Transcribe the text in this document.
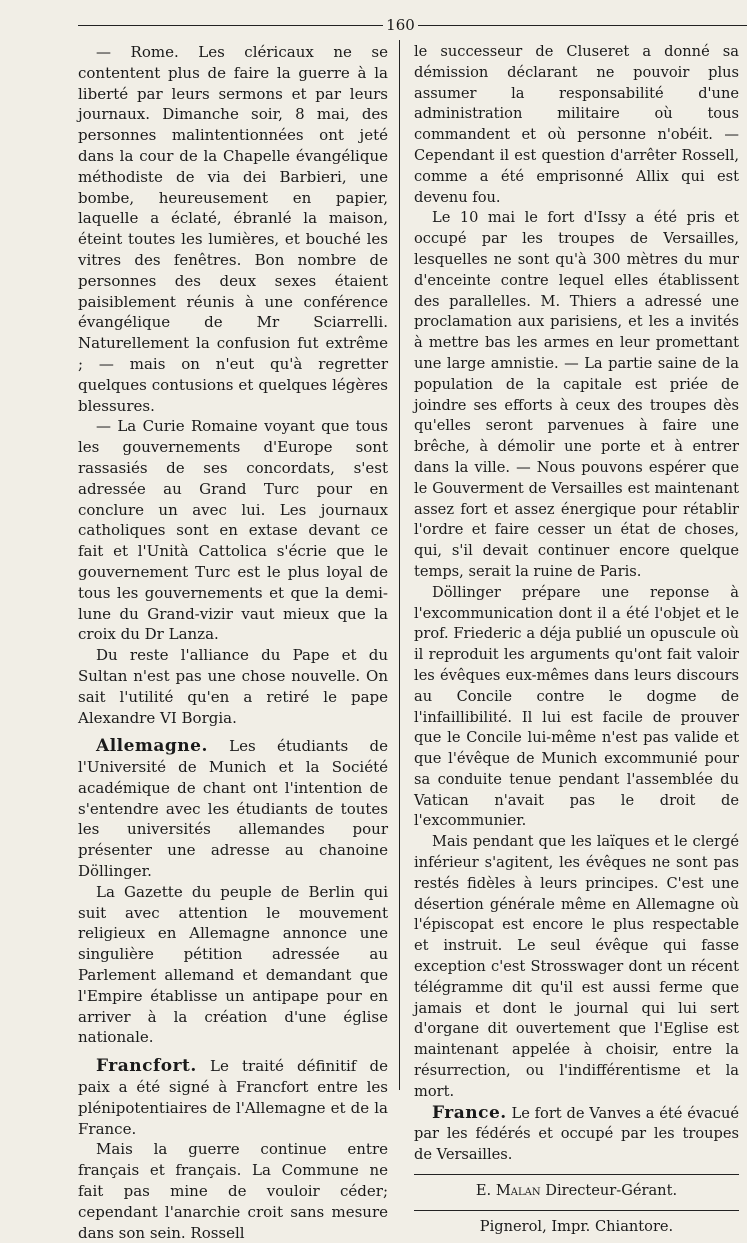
160

— Rome. Les cléricaux ne se contentent plus de faire la guerre à la liberté par leurs sermons et par leurs journaux. Dimanche soir, 8 mai, des personnes malintentionnées ont jeté dans la cour de la Chapelle évangélique méthodiste de via dei Barbieri, une bombe, heureusement en papier, laquelle a éclaté, ébranlé la maison, éteint toutes les lumières, et bouché les vitres des fenêtres. Bon nombre de personnes des deux sexes étaient paisiblement réunis à une conférence évangélique de Mr Sciarrelli. Naturellement la confusion fut extrême ; — mais on n'eut qu'à regretter quelques contusions et quelques légères blessures.

— La Curie Romaine voyant que tous les gouvernements d'Europe sont rassasiés de ses concordats, s'est adressée au Grand Turc pour en conclure un avec lui. Les journaux catholiques sont en extase devant ce fait et l'Unità Cattolica s'écrie que le gouvernement Turc est le plus loyal de tous les gouvernements et que la demi-lune du Grand-vizir vaut mieux que la croix du Dr Lanza.

Du reste l'alliance du Pape et du Sultan n'est pas une chose nouvelle. On sait l'utilité qu'en a retiré le pape Alexandre VI Borgia.

Allemagne. Les étudiants de l'Université de Munich et la Société académique de chant ont l'intention de s'entendre avec les étudiants de toutes les universités allemandes pour présenter une adresse au chanoine Döllinger.

La Gazette du peuple de Berlin qui suit avec attention le mouvement religieux en Allemagne annonce une singulière pétition adressée au Parlement allemand et demandant que l'Empire établisse un antipape pour en arriver à la création d'une église nationale.

Francfort. Le traité définitif de paix a été signé à Francfort entre les plénipotentiaires de l'Allemagne et de la France.

Mais la guerre continue entre français et français. La Commune ne fait pas mine de vouloir céder; cependant l'anarchie croit sans mesure dans son sein. Rossell

le successeur de Cluseret a donné sa démission déclarant ne pouvoir plus assumer la responsabilité d'une administration militaire où tous commandent et où personne n'obéit. — Cependant il est question d'arrêter Rossell, comme a été emprisonné Allix qui est devenu fou.

Le 10 mai le fort d'Issy a été pris et occupé par les troupes de Versailles, lesquelles ne sont qu'à 300 mètres du mur d'enceinte contre lequel elles établissent des parallelles. M. Thiers a adressé une proclamation aux parisiens, et les a invités à mettre bas les armes en leur promettant une large amnistie. — La partie saine de la population de la capitale est priée de joindre ses efforts à ceux des troupes dès qu'elles seront parvenues à faire une brêche, à démolir une porte et à entrer dans la ville. — Nous pouvons espérer que le Gouverment de Versailles est maintenant assez fort et assez énergique pour rétablir l'ordre et faire cesser un état de choses, qui, s'il devait continuer encore quelque temps, serait la ruine de Paris.

Döllinger prépare une reponse à l'excommunication dont il a été l'objet et le prof. Friederic a déja publié un opuscule où il reproduit les arguments qu'ont fait valoir les évêques eux-mêmes dans leurs discours au Concile contre le dogme de l'infaillibilité. Il lui est facile de prouver que le Concile lui-même n'est pas valide et que l'évêque de Munich excommunié pour sa conduite tenue pendant l'assemblée du Vatican n'avait pas le droit de l'excommunier.

Mais pendant que les laïques et le clergé inférieur s'agitent, les évêques ne sont pas restés fidèles à leurs principes. C'est une désertion générale même en Allemagne où l'épiscopat est encore le plus respectable et instruit. Le seul évêque qui fasse exception c'est Strosswager dont un récent télégramme dit qu'il est aussi ferme que jamais et dont le journal qui lui sert d'organe dit ouvertement que l'Eglise est maintenant appelée à choisir, entre la résurrection, ou l'indifférentisme et la mort.

France. Le fort de Vanves a été évacué par les fédérés et occupé par les troupes de Versailles.

E. Malan Directeur-Gérant.

Pignerol, Impr. Chiantore.
